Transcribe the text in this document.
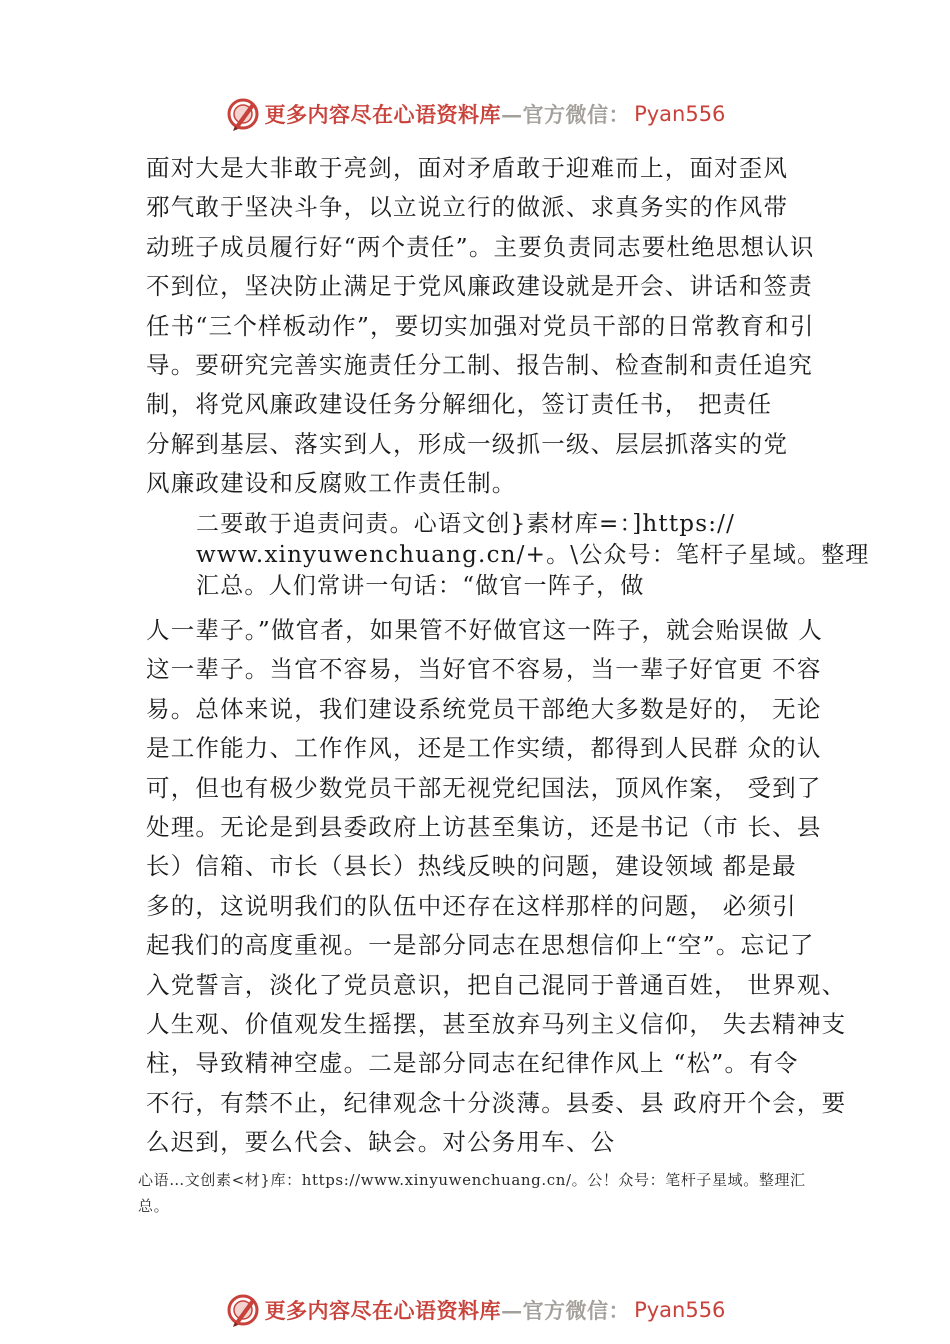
更多内容尽在心语资料库 —官方微信： Pyan556
面对大是大非敢于亮剑，面对矛盾敢于迎难而上，面对歪风
邪气敢于坚决斗争，以立说立行的做派、求真务实的作风带
动班子成员履行好“两个责任”。主要负责同志要杜绝思想认识
不到位，坚决防止满足于党风廉政建设就是开会、讲话和签责
任书“三个样板动作”，要切实加强对党员干部的日常教育和引
导。要研究完善实施责任分工制、报告制、检查制和责任追究
制，将党风廉政建设任务分解细化，签订责任书， 把责任
分解到基层、落实到人，形成一级抓一级、层层抓落实的党
风廉政建设和反腐败工作责任制。
二要敢于追责问责。心语文创}素材库=：]https://
www.xinyuwenchuang.cn/+。\公众号：笔杆子星域。整理
汇总。人们常讲一句话：“做官一阵子，做
人一辈子。”做官者，如果管不好做官这一阵子，就会贻误做 人
这一辈子。当官不容易，当好官不容易，当一辈子好官更 不容
易。总体来说，我们建设系统党员干部绝大多数是好的， 无论
是工作能力、工作作风，还是工作实绩，都得到人民群 众的认
可，但也有极少数党员干部无视党纪国法，顶风作案， 受到了
处理。无论是到县委政府上访甚至集访，还是书记（市 长、县
长）信箱、市长（县长）热线反映的问题，建设领域 都是最
多的，这说明我们的队伍中还存在这样那样的问题， 必须引
起我们的高度重视。一是部分同志在思想信仰上“空”。忘记了
入党誓言，淡化了党员意识，把自己混同于普通百姓， 世界观、
人生观、价值观发生摇摆，甚至放弃马列主义信仰， 失去精神支
柱，导致精神空虚。二是部分同志在纪律作风上 “松”。有令
不行，有禁不止，纪律观念十分淡薄。县委、县 政府开个会，要
么迟到，要么代会、缺会。对公务用车、公
心语…文创素<材}库：https://www.xinyuwenchuang.cn/。公！众号：笔杆子星域。整理汇
总。
更多内容尽在心语资料库 —官方微信： Pyan556
